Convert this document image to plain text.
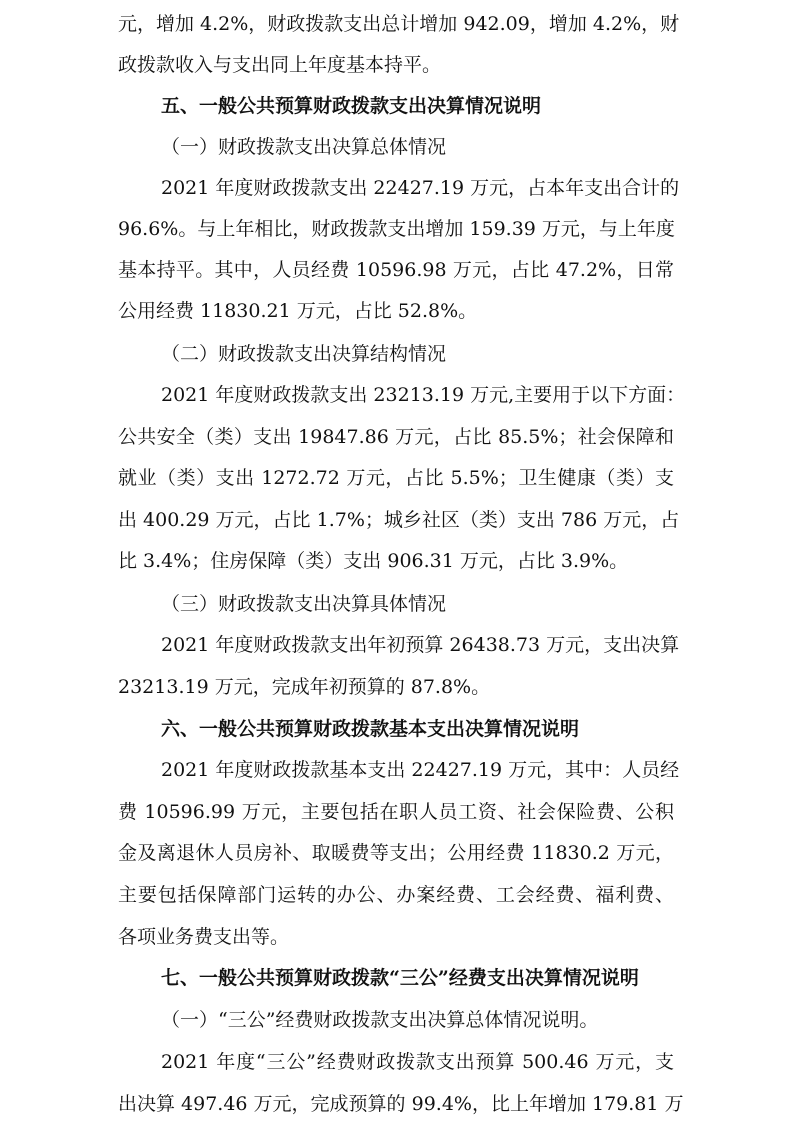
元，增加 4.2%，财政拨款支出总计增加 942.09，增加 4.2%，财
政拨款收入与支出同上年度基本持平。
五、一般公共预算财政拨款支出决算情况说明
（一）财政拨款支出决算总体情况
2021 年度财政拨款支出 22427.19 万元，占本年支出合计的
96.6%。与上年相比，财政拨款支出增加 159.39 万元，与上年度
基本持平。其中，人员经费 10596.98 万元，占比 47.2%，日常
公用经费 11830.21 万元，占比 52.8%。
（二）财政拨款支出决算结构情况
2021 年度财政拨款支出 23213.19 万元,主要用于以下方面：
公共安全（类）支出 19847.86 万元，占比 85.5%；社会保障和
就业（类）支出 1272.72 万元，占比 5.5%；卫生健康（类）支
出 400.29 万元，占比 1.7%；城乡社区（类）支出 786 万元，占
比 3.4%；住房保障（类）支出 906.31 万元，占比 3.9%。
（三）财政拨款支出决算具体情况
2021 年度财政拨款支出年初预算 26438.73 万元，支出决算
23213.19 万元，完成年初预算的 87.8%。
六、一般公共预算财政拨款基本支出决算情况说明
2021 年度财政拨款基本支出 22427.19 万元，其中：人员经
费 10596.99 万元，主要包括在职人员工资、社会保险费、公积
金及离退休人员房补、取暖费等支出；公用经费 11830.2 万元，
主要包括保障部门运转的办公、办案经费、工会经费、福利费、
各项业务费支出等。
七、一般公共预算财政拨款“三公”经费支出决算情况说明
（一）“三公”经费财政拨款支出决算总体情况说明。
2021 年度“三公”经费财政拨款支出预算 500.46 万元，支
出决算 497.46 万元，完成预算的 99.4%，比上年增加 179.81 万
